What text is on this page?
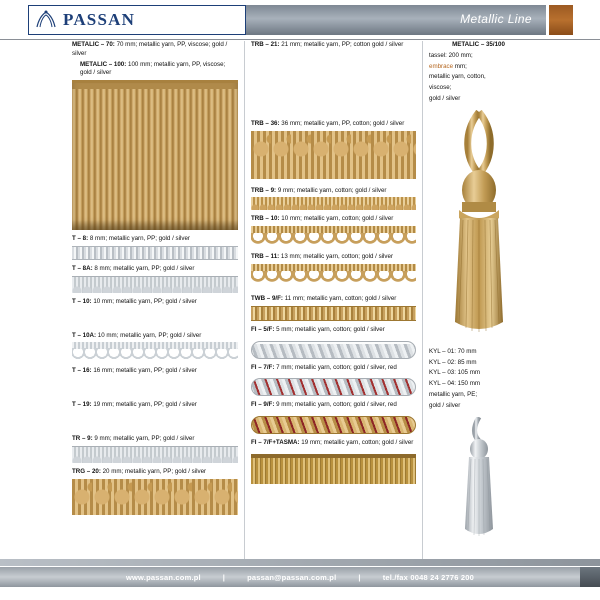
PASSAN	Metallic Line

METALIC – 70: 70 mm; metallic yarn, PP, viscose; gold / silver

METALIC – 100: 100 mm; metallic yarn, PP, viscose; gold / silver

T – 8: 8 mm; metallic yarn, PP; gold / silver

T – 8A: 8 mm; metallic yarn, PP; gold / silver

T – 10: 10 mm; metallic yarn, PP; gold / silver

T – 10A: 10 mm; metallic yarn, PP; gold / silver

T – 16: 16 mm; metallic yarn, PP; gold / silver

T – 19: 19 mm; metallic yarn, PP; gold / silver

TR – 9: 9 mm; metallic yarn, PP; gold / silver

TRG – 20: 20 mm; metallic yarn, PP; gold / silver

TRB – 21: 21 mm; metallic yarn, PP; cotton gold / silver

TRB – 36: 36 mm; metallic yarn, PP, cotton; gold / silver

TRB – 9: 9 mm; metallic yarn, cotton; gold / silver

TRB – 10: 10 mm; metallic yarn, cotton; gold / silver

TRB – 11: 13 mm; metallic yarn, cotton; gold / silver

TWB – 9/F: 11 mm; metallic yarn, cotton; gold / silver

FI – 5/F: 5 mm; metallic yarn, cotton; gold / silver

FI – 7/F: 7 mm; metallic yarn, cotton; gold / silver, red

FI – 9/F: 9 mm; metallic yarn, cotton; gold / silver, red

FI – 7/F+TASMA: 19 mm; metallic yarn, cotton; gold / silver

METALIC – 35/100

tassel: 200 mm;

embrace mm;

metallic yarn, cotton,

viscose;

gold / silver

KYL – 01: 70 mm

KYL – 02: 85 mm

KYL – 03: 105 mm

KYL – 04: 150 mm

metallic yarn, PE;

gold / silver

www.passan.com.pl	|	passan@passan.com.pl	|	tel./fax 0048 24 2776 200
